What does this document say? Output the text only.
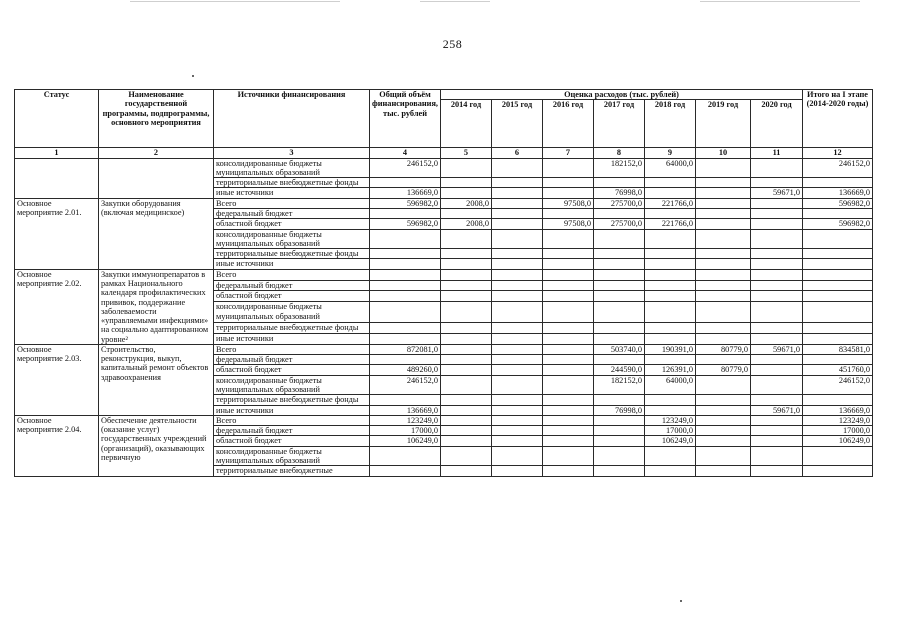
258
Статус	Наименование государственной программы, подпрограммы, основного мероприятия	Источники финансирования	Общий объём финансирования, тыс. рублей	Оценка расходов (тыс. рублей)							Итого на I этапе (2014-2020 годы)
				2014 год	2015 год	2016 год	2017 год	2018 год	2019 год	2020 год	
1	2	3	4	5	6	7	8	9	10	11	12
		консолидированные бюджеты муниципальных образований	246152,0				182152,0	64000,0			246152,0
		территориальные внебюджетные фонды									
		иные источники	136669,0				76998,0			59671,0	136669,0
Основное мероприятие 2.01.	Закупки оборудования (включая медицинское)	Всего	596982,0	2008,0		97508,0	275700,0	221766,0			596982,0
		федеральный бюджет									
		областной бюджет	596982,0	2008,0		97508,0	275700,0	221766,0			596982,0
		консолидированные бюджеты муниципальных образований									
		территориальные внебюджетные фонды									
		иные источники									
Основное мероприятие 2.02.	Закупки иммунопрепаратов в рамках Национального календаря профилактических прививок, поддержание заболеваемости «управляемыми инфекциями» на социально адаптированном уровне²	Всего									
		федеральный бюджет									
		областной бюджет									
		консолидированные бюджеты муниципальных образований									
		территориальные внебюджетные фонды									
		иные источники									
Основное мероприятие 2.03.	Строительство, реконструкция, выкуп, капитальный ремонт объектов здравоохранения	Всего	872081,0				503740,0	190391,0	80779,0	59671,0	834581,0
		федеральный бюджет									
		областной бюджет	489260,0				244590,0	126391,0	80779,0		451760,0
		консолидированные бюджеты муниципальных образований	246152,0				182152,0	64000,0			246152,0
		территориальные внебюджетные фонды									
		иные источники	136669,0				76998,0			59671,0	136669,0
Основное мероприятие 2.04.	Обеспечение деятельности (оказание услуг) государственных учреждений (организаций), оказывающих первичную	Всего	123249,0					123249,0			123249,0
		федеральный бюджет	17000,0					17000,0			17000,0
		областной бюджет	106249,0					106249,0			106249,0
		консолидированные бюджеты муниципальных образований									
		территориальные внебюджетные									
